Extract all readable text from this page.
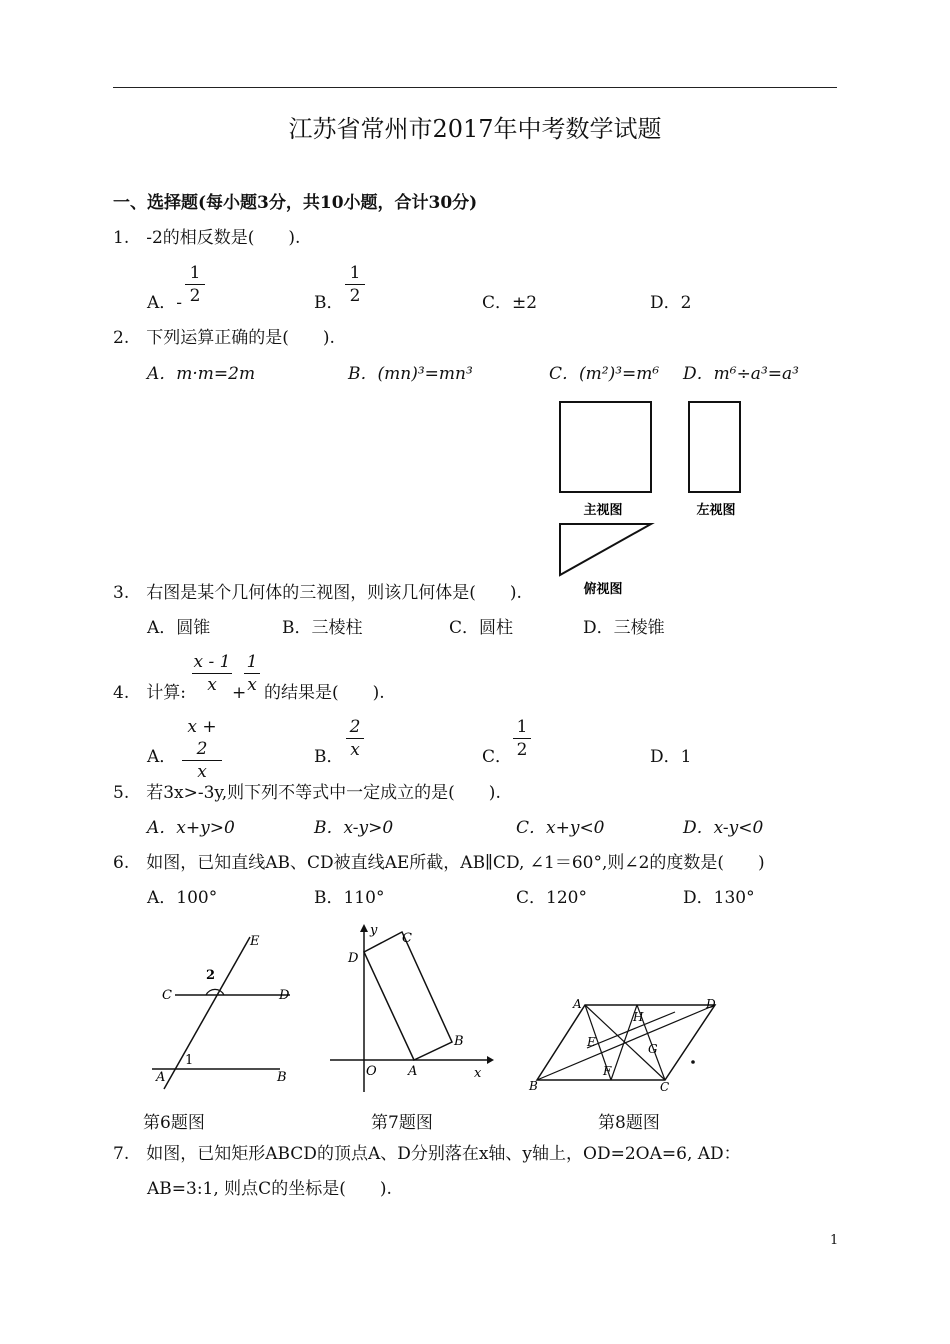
江苏省常州市2017年中考数学试题
一、选择题(每小题3分，共10小题，合计30分)
1.　-2的相反数是(　　).
A．-
1
2	B．
1
2	C．±2	D．2
2.　下列运算正确的是(　　).
A．m·m=2m	B．(mn)³=mn³	C．(m²)³=m⁶ D．m⁶÷a³=a³
主视图	左视图
俯视图
3.　右图是某个几何体的三视图，则该几何体是(　　).
A．圆锥	B．三棱柱	C．圆柱	D．三棱锥
4.　计算:
x - 1
x +
1
x 的结果是(　　).
A．
x + 2
x
B．
2
x	C．
1
2	D．1
5.　若3x>-3y,则下列不等式中一定成立的是(　　).
A．x+y>0	B．x-y>0	C．x+y<0	D．x-y<0
6.　如图，已知直线AB、CD被直线AE所截，AB∥CD, ∠1＝60°,则∠2的度数是(　　)
A．100°	B．110°	C．120°	D．130°
E
C	D
A	B
1
2
第6题图
y
x
O A
B
C
D
第7题图
A	D
B	C
E
F
G
H
第8题图
7.　如图，已知矩形ABCD的顶点A、D分别落在x轴、y轴上，OD=2OA=6, AD：
AB=3:1, 则点C的坐标是(　　).
1
